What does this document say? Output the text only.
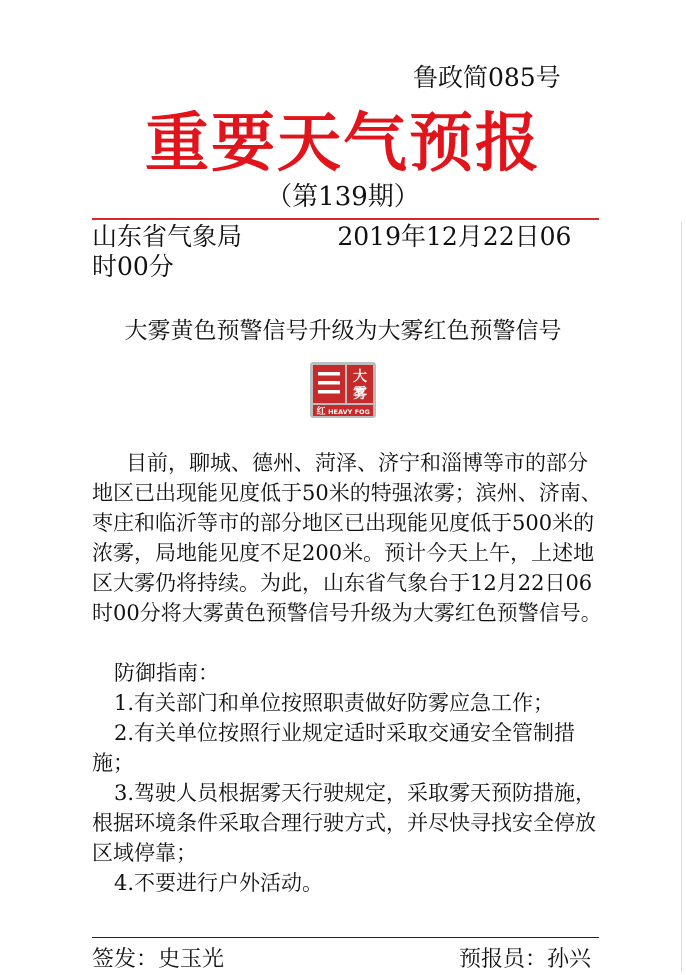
鲁政简085号
重要天气预报
（第139期）
山东省气象局            2019年12月22日06
时00分
大雾黄色预警信号升级为大雾红色预警信号
大
雾
红 HEAVY FOG

目前，聊城、德州、菏泽、济宁和淄博等市的部分地区已出现能见度低于50米的特强浓雾；滨州、济南、枣庄和临沂等市的部分地区已出现能见度低于500米的浓雾，局地能见度不足200米。预计今天上午，上述地区大雾仍将持续。为此，山东省气象台于12月22日06时00分将大雾黄色预警信号升级为大雾红色预警信号。

防御指南：

1.有关部门和单位按照职责做好防雾应急工作；

2.有关单位按照行业规定适时采取交通安全管制措施；

3.驾驶人员根据雾天行驶规定，采取雾天预防措施，根据环境条件采取合理行驶方式，并尽快寻找安全停放区域停靠；

4.不要进行户外活动。

签发：史玉光	预报员：孙兴
